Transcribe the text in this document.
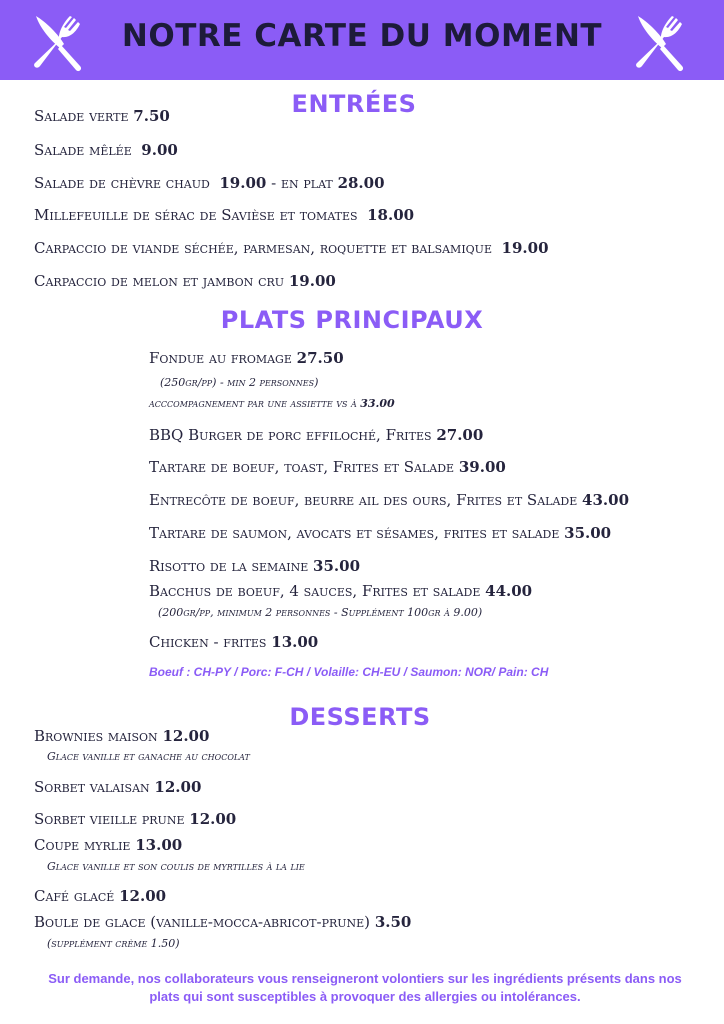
NOTRE CARTE DU MOMENT
ENTRÉES
Salade verte 7.50
Salade mêlée 9.00
Salade de chèvre chaud 19.00 - en plat 28.00
Millefeuille de sérac de Savièse et tomates 18.00
Carpaccio de viande séchée, parmesan, roquette et balsamique 19.00
Carpaccio de melon et jambon cru 19.00
PLATS PRINCIPAUX
Fondue au fromage 27.50
(250gr/pp) - min 2 personnes)
acccompagnement par une assiette vs à 33.00
BBQ Burger de porc effiloché, Frites 27.00
Tartare de boeuf, toast, Frites et Salade 39.00
Entrecôte de boeuf, beurre ail des ours, Frites et Salade 43.00
Tartare de saumon, avocats et sésames, frites et salade 35.00
Risotto de la semaine 35.00
Bacchus de boeuf, 4 sauces, Frites et salade 44.00
(200gr/pp, minimum 2 personnes - Supplément 100gr à 9.00)
Chicken - frites 13.00
Boeuf : CH-PY / Porc: F-CH / Volaille: CH-EU / Saumon: NOR/ Pain: CH
DESSERTS
Brownies maison 12.00
Glace vanille et ganache au chocolat
Sorbet valaisan 12.00
Sorbet vieille prune 12.00
Coupe myrlie 13.00
Glace vanille et son coulis de myrtilles à la lie
Café glacé 12.00
Boule de glace (vanille-mocca-abricot-prune) 3.50
(supplément crème 1.50)
Sur demande, nos collaborateurs vous renseigneront volontiers sur les ingrédients présents dans nos
plats qui sont susceptibles à provoquer des allergies ou intolérances.
